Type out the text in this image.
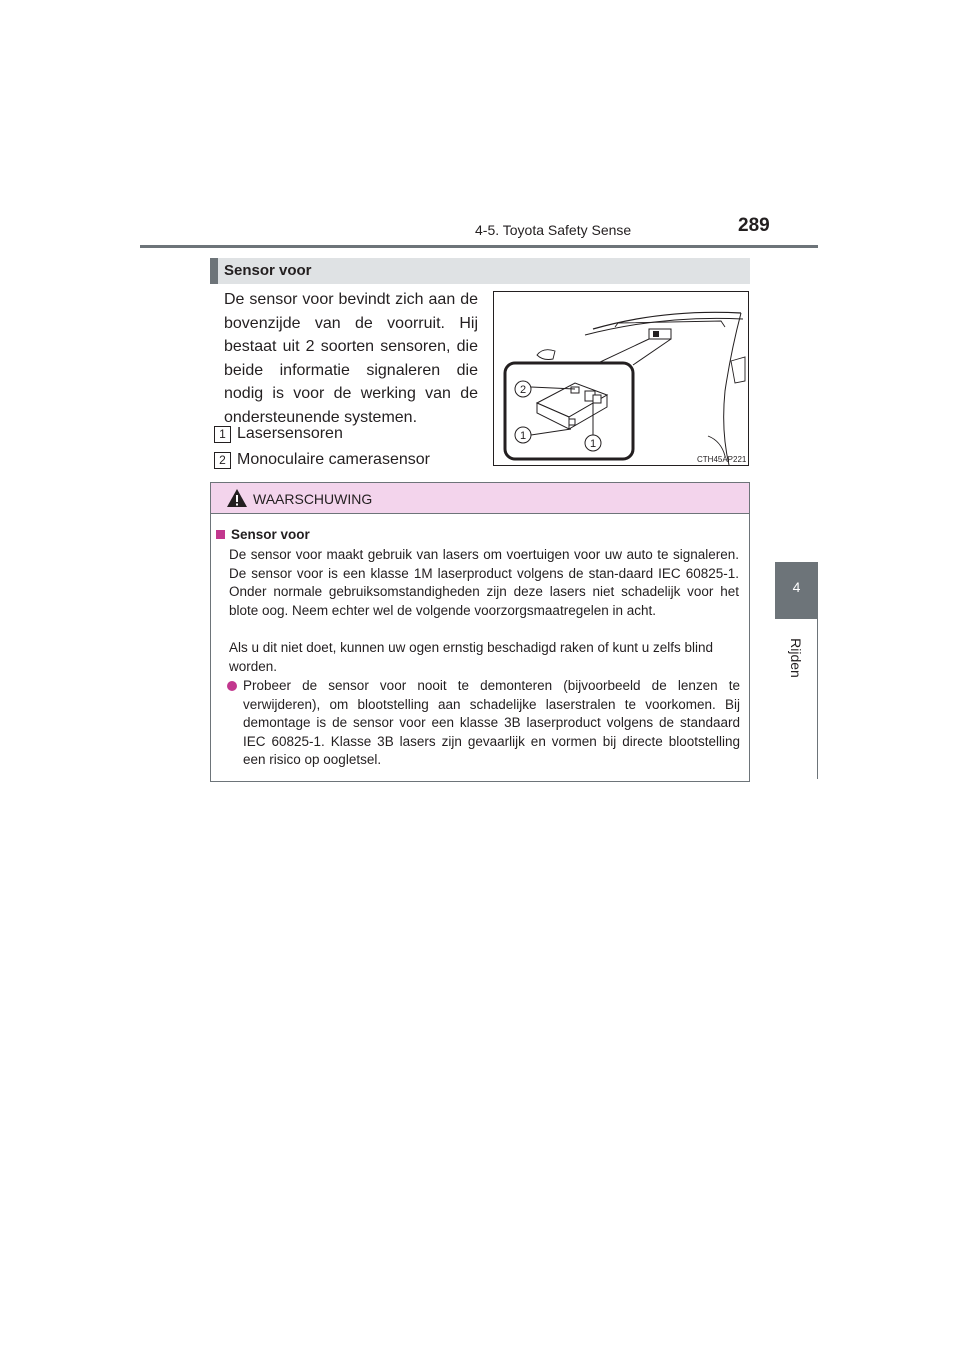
4-5. Toyota Safety Sense	289
4
Rijden
Sensor voor

De sensor voor bevindt zich aan de bovenzijde van de voorruit. Hij bestaat uit 2 soorten sensoren, die beide informatie signaleren die nodig is voor de werking van de ondersteunende systemen.

1 Lasersensoren
2 Monoculaire camerasensor
2
1
1
CTH45AP221
WAARSCHUWING
Sensor voor

De sensor voor maakt gebruik van lasers om voertuigen voor uw auto te signaleren. De sensor voor is een klasse 1M laserproduct volgens de stan-daard IEC 60825-1. Onder normale gebruiksomstandigheden zijn deze lasers niet schadelijk voor het blote oog. Neem echter wel de volgende voorzorgsmaatregelen in acht.

Als u dit niet doet, kunnen uw ogen ernstig beschadigd raken of kunt u zelfs blind worden.

Probeer de sensor voor nooit te demonteren (bijvoorbeeld de lenzen te verwijderen), om blootstelling aan schadelijke laserstralen te voorkomen. Bij demontage is de sensor voor een klasse 3B laserproduct volgens de standaard IEC 60825-1. Klasse 3B lasers zijn gevaarlijk en vormen bij directe blootstelling een risico op oogletsel.
